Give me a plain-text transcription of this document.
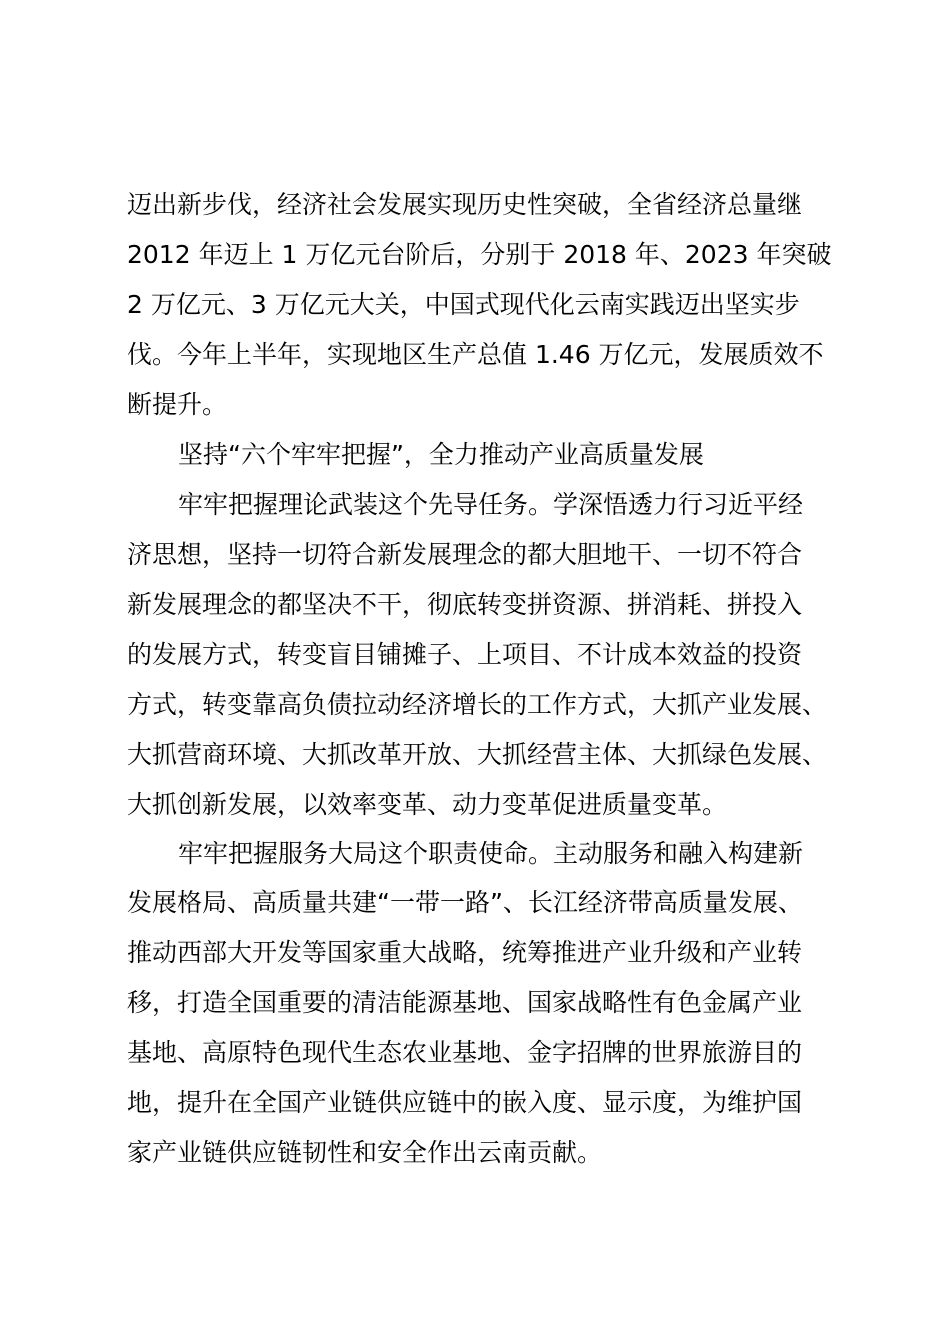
迈出新步伐，经济社会发展实现历史性突破，全省经济总量继
2012 年迈上 1 万亿元台阶后，分别于 2018 年、2023 年突破
2 万亿元、3 万亿元大关，中国式现代化云南实践迈出坚实步
伐。今年上半年，实现地区生产总值 1.46 万亿元，发展质效不
断提升。
坚持“六个牢牢把握”，全力推动产业高质量发展
牢牢把握理论武装这个先导任务。学深悟透力行习近平经
济思想，坚持一切符合新发展理念的都大胆地干、一切不符合
新发展理念的都坚决不干，彻底转变拼资源、拼消耗、拼投入
的发展方式，转变盲目铺摊子、上项目、不计成本效益的投资
方式，转变靠高负债拉动经济增长的工作方式，大抓产业发展、
大抓营商环境、大抓改革开放、大抓经营主体、大抓绿色发展、
大抓创新发展，以效率变革、动力变革促进质量变革。
牢牢把握服务大局这个职责使命。主动服务和融入构建新
发展格局、高质量共建“一带一路”、长江经济带高质量发展、
推动西部大开发等国家重大战略，统筹推进产业升级和产业转
移，打造全国重要的清洁能源基地、国家战略性有色金属产业
基地、高原特色现代生态农业基地、金字招牌的世界旅游目的
地，提升在全国产业链供应链中的嵌入度、显示度，为维护国
家产业链供应链韧性和安全作出云南贡献。
